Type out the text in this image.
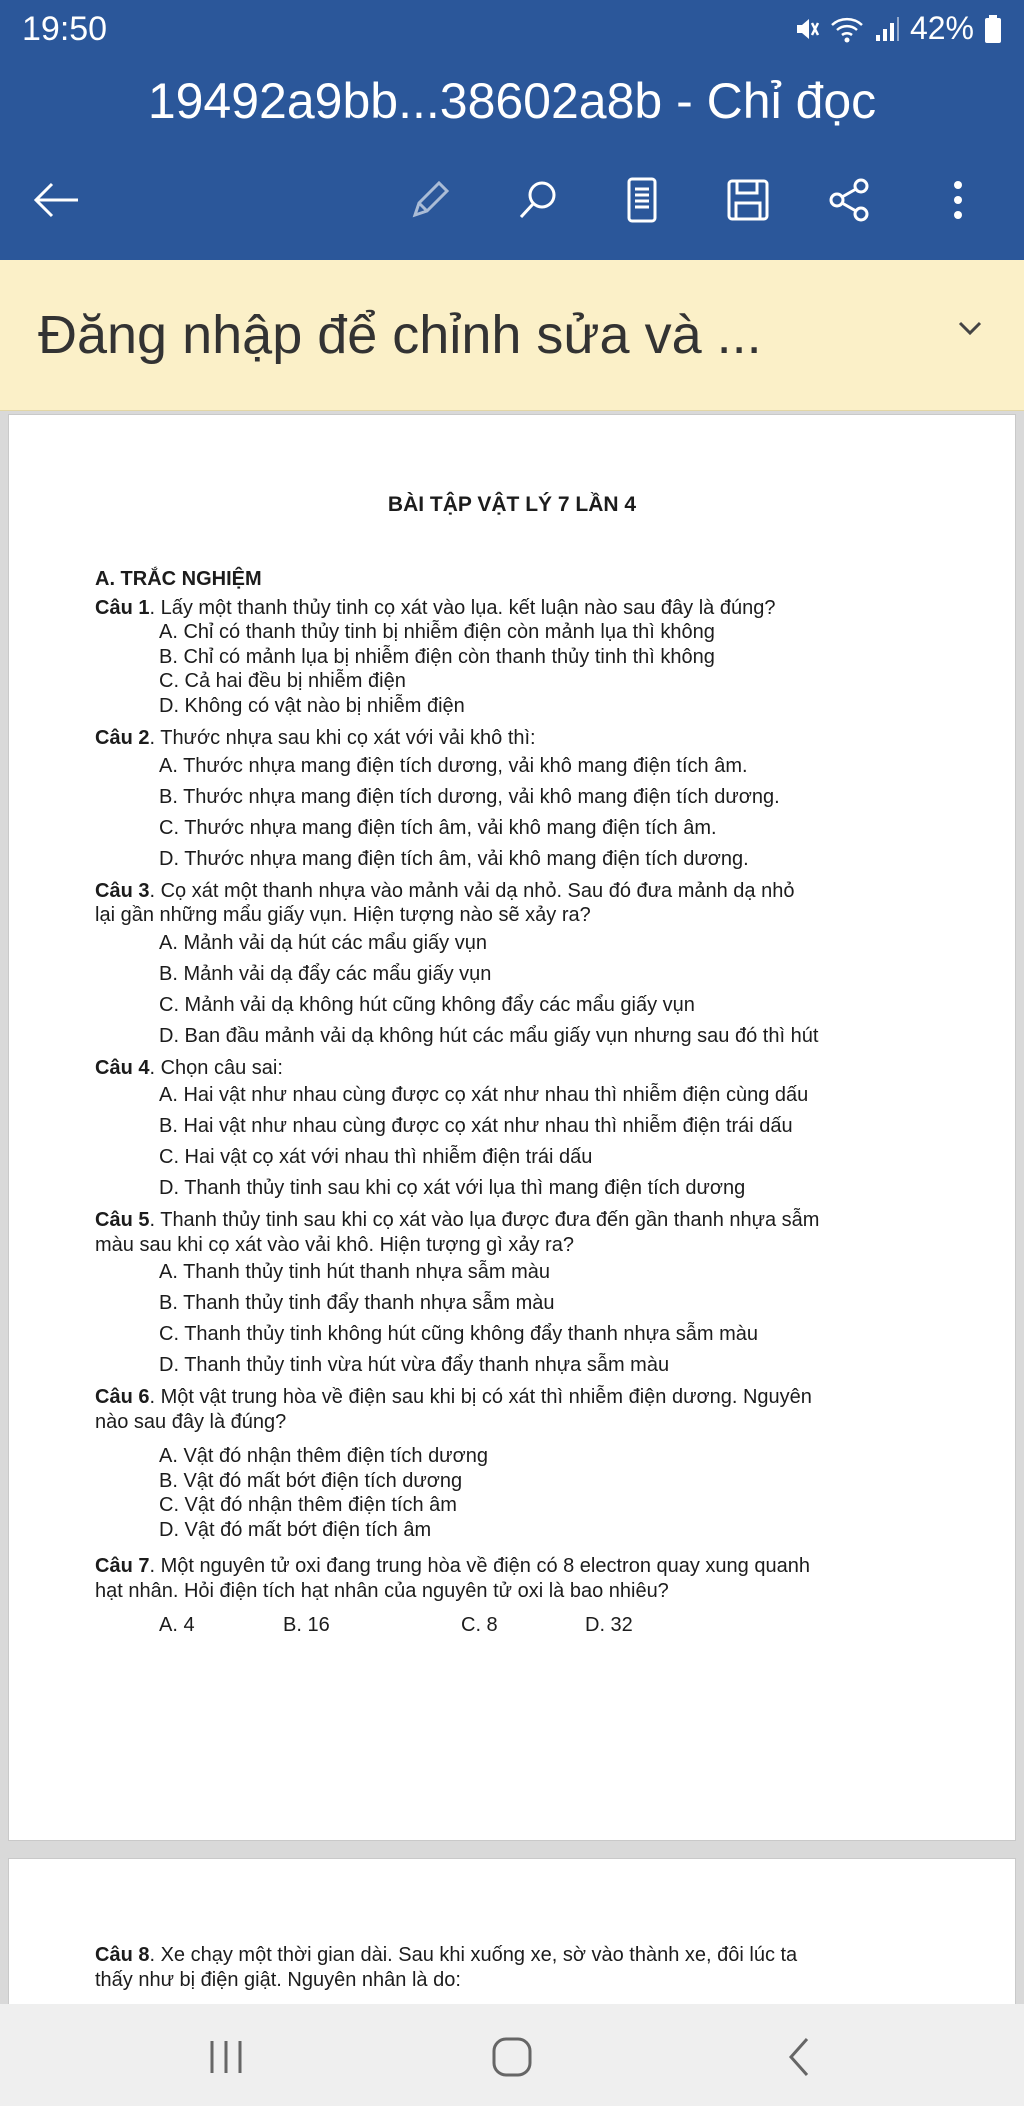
19:50	42%
19492a9bb...38602a8b - Chỉ đọc
Đăng nhập để chỉnh sửa và ...
BÀI TẬP VẬT LÝ 7 LẦN 4
A. TRẮC NGHIỆM
Câu 1. Lấy một thanh thủy tinh cọ xát vào lụa. kết luận nào sau đây là đúng?
A. Chỉ có thanh thủy tinh bị nhiễm điện còn mảnh lụa thì không
B. Chỉ có mảnh lụa bị nhiễm điện còn thanh thủy tinh thì không
C. Cả hai đều bị nhiễm điện
D. Không có vật nào bị nhiễm điện
Câu 2. Thước nhựa sau khi cọ xát với vải khô thì:
A. Thước nhựa mang điện tích dương, vải khô mang điện tích âm.
B. Thước nhựa mang điện tích dương, vải khô mang điện tích dương.
C. Thước nhựa mang điện tích âm, vải khô mang điện tích âm.
D. Thước nhựa mang điện tích âm, vải khô mang điện tích dương.
Câu 3. Cọ xát một thanh nhựa vào mảnh vải dạ nhỏ. Sau đó đưa mảnh dạ nhỏ
lại gần những mẩu giấy vụn. Hiện tượng nào sẽ xảy ra?
A. Mảnh vải dạ hút các mẩu giấy vụn
B. Mảnh vải dạ đẩy các mẩu giấy vụn
C. Mảnh vải dạ không hút cũng không đẩy các mẩu giấy vụn
D. Ban đầu mảnh vải dạ không hút các mẩu giấy vụn nhưng sau đó thì hút
Câu 4. Chọn câu sai:
A. Hai vật như nhau cùng được cọ xát như nhau thì nhiễm điện cùng dấu
B. Hai vật như nhau cùng được cọ xát như nhau thì nhiễm điện trái dấu
C. Hai vật cọ xát với nhau thì nhiễm điện trái dấu
D. Thanh thủy tinh sau khi cọ xát với lụa thì mang điện tích dương
Câu 5. Thanh thủy tinh sau khi cọ xát vào lụa được đưa đến gần thanh nhựa sẫm
màu sau khi cọ xát vào vải khô. Hiện tượng gì xảy ra?
A. Thanh thủy tinh hút thanh nhựa sẫm màu
B. Thanh thủy tinh đẩy thanh nhựa sẫm màu
C. Thanh thủy tinh không hút cũng không đẩy thanh nhựa sẫm màu
D. Thanh thủy tinh vừa hút vừa đẩy thanh nhựa sẫm màu
Câu 6. Một vật trung hòa về điện sau khi bị có xát thì nhiễm điện dương. Nguyên
nào sau đây là đúng?
A. Vật đó nhận thêm điện tích dương
B. Vật đó mất bớt điện tích dương
C. Vật đó nhận thêm điện tích âm
D. Vật đó mất bớt điện tích âm
Câu 7. Một nguyên tử oxi đang trung hòa về điện có 8 electron quay xung quanh
hạt nhân. Hỏi điện tích hạt nhân của nguyên tử oxi là bao nhiêu?
A. 4	B. 16	C. 8	D. 32
Câu 8. Xe chạy một thời gian dài. Sau khi xuống xe, sờ vào thành xe, đôi lúc ta
thấy như bị điện giật. Nguyên nhân là do:
